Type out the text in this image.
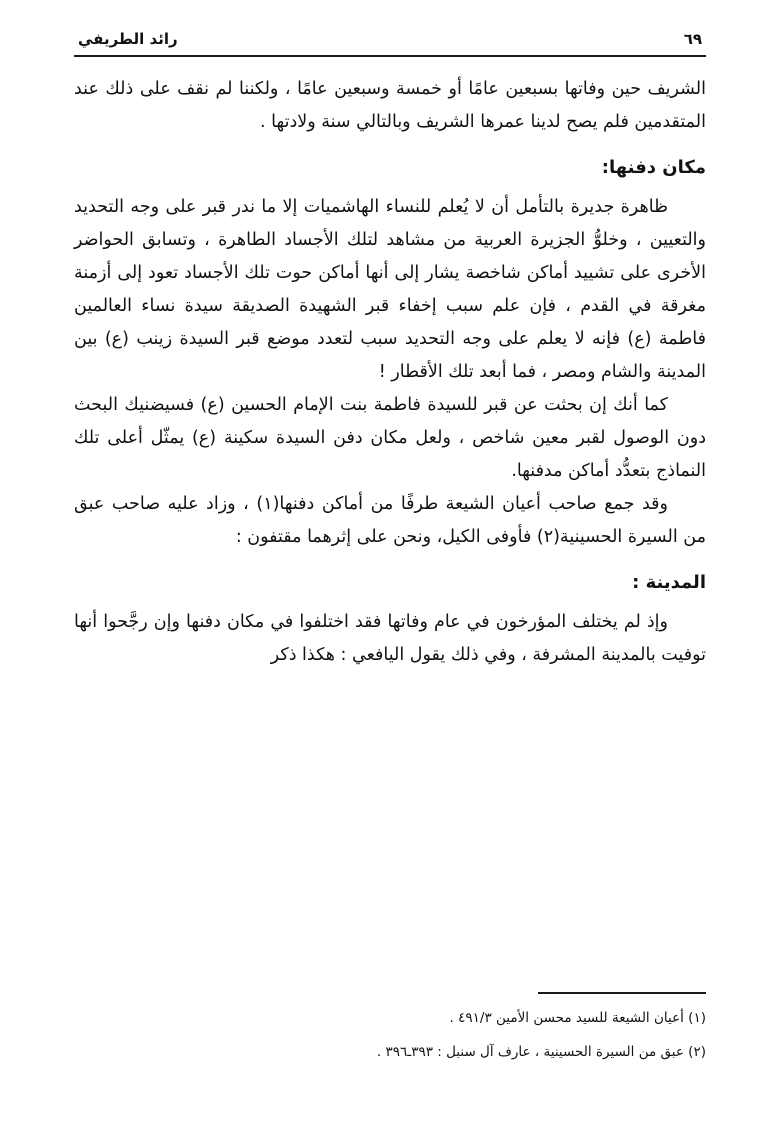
٦٩
رائد الطريفي

الشريف حين وفاتها بسبعين عامًا أو خمسة وسبعين عامًا ، ولكننا لم نقف على ذلك عند المتقدمين فلم يصح لدينا عمرها الشريف وبالتالي سنة ولادتها .

مكان دفنها:

ظاهرة جديرة بالتأمل أن لا يُعلم للنساء الهاشميات إلا ما ندر قبر على وجه التحديد والتعيين ، وخلوُّ الجزيرة العربية من مشاهد لتلك الأجساد الطاهرة ، وتسابق الحواضر الأخرى على تشييد أماكن شاخصة يشار إلى أنها أماكن حوت تلك الأجساد تعود إلى أزمنة مغرقة في القدم ، فإن علم سبب إخفاء قبر الشهيدة الصديقة سيدة نساء العالمين فاطمة (ع) فإنه لا يعلم على وجه التحديد سبب لتعدد موضع قبر السيدة زينب (ع) بين المدينة والشام ومصر ، فما أبعد تلك الأقطار !

كما أنك إن بحثت عن قبر للسيدة فاطمة بنت الإمام الحسين (ع) فسيضنيك البحث دون الوصول لقبر معين شاخص ، ولعل مكان دفن السيدة سكينة (ع) يمثّل أعلى تلك النماذج بتعدُّد أماكن مدفنها.

وقد جمع صاحب أعيان الشيعة طرفًا من أماكن دفنها(١) ، وزاد عليه صاحب عبق من السيرة الحسينية(٢) فأوفى الكيل، ونحن على إثرهما مقتفون :

المدينة :

وإذ لم يختلف المؤرخون في عام وفاتها فقد اختلفوا في مكان دفنها وإن رجَّحوا أنها توفيت بالمدينة المشرفة ، وفي ذلك يقول اليافعي : هكذا ذكر

(١) أعيان الشيعة للسيد محسن الأمين ٤٩١/٣ .

(٢) عبق من السيرة الحسينية ، عارف آل سنبل : ٣٩٣ـ٣٩٦ .
